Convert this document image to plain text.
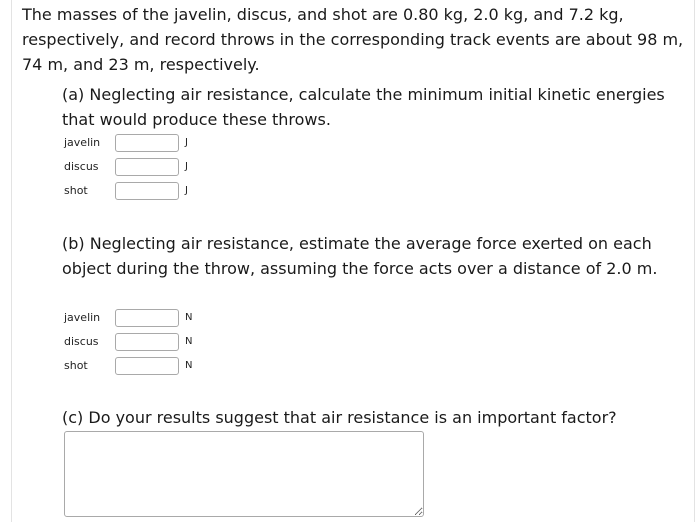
The masses of the javelin, discus, and shot are 0.80 kg, 2.0 kg, and 7.2 kg, respectively, and record throws in the corresponding track events are about 98 m, 74 m, and 23 m, respectively.

(a) Neglecting air resistance, calculate the minimum initial kinetic energies that would produce these throws.

javelin	J
discus	J
shot	J

(b) Neglecting air resistance, estimate the average force exerted on each object during the throw, assuming the force acts over a distance of 2.0 m.

javelin	N
discus	N
shot	N

(c) Do your results suggest that air resistance is an important factor?
